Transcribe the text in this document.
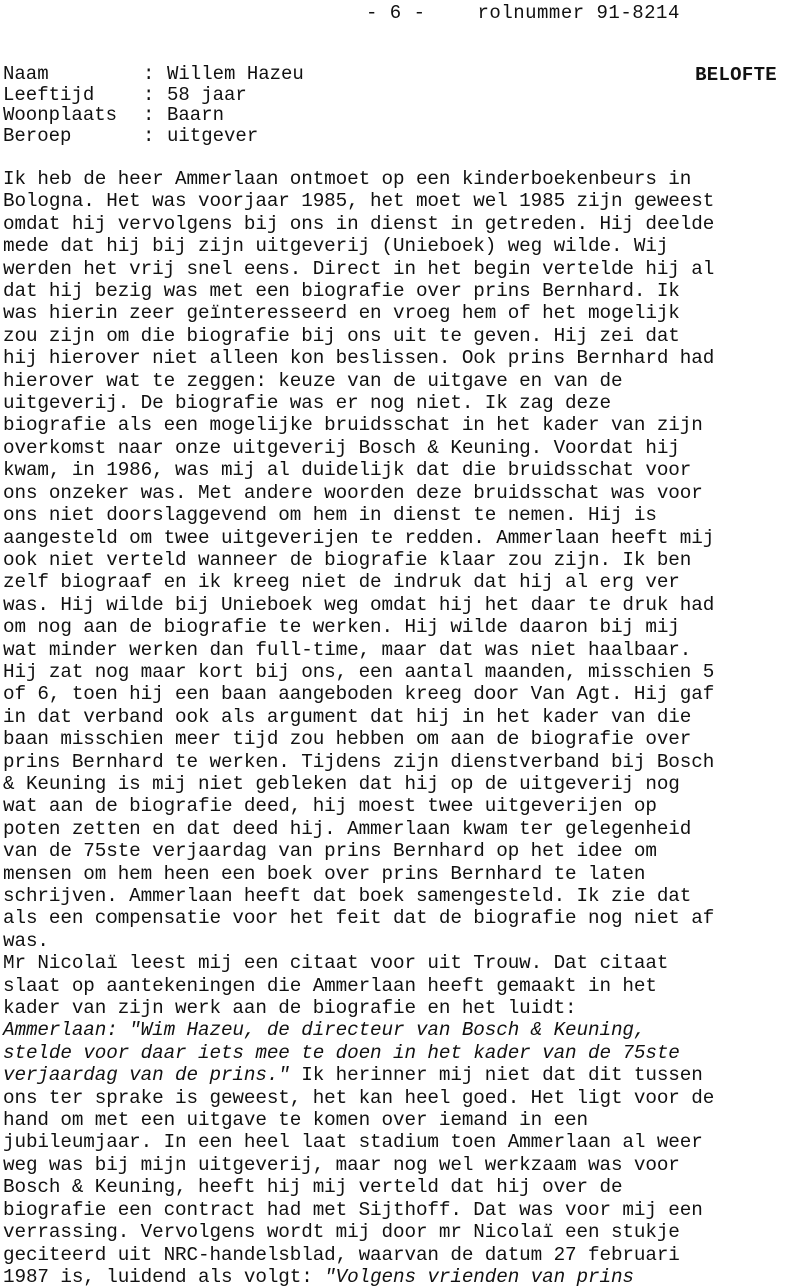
- 6 -	rolnummer 91-8214
Naam	: Willem Hazeu
Leeftijd	: 58 jaar
Woonplaats	: Baarn
Beroep	: uitgever
BELOFTE
Ik heb de heer Ammerlaan ontmoet op een kinderboekenbeurs in
Bologna. Het was voorjaar 1985, het moet wel 1985 zijn geweest
omdat hij vervolgens bij ons in dienst in getreden. Hij deelde
mede dat hij bij zijn uitgeverij (Unieboek) weg wilde. Wij
werden het vrij snel eens. Direct in het begin vertelde hij al
dat hij bezig was met een biografie over prins Bernhard. Ik
was hierin zeer geïnteresseerd en vroeg hem of het mogelijk
zou zijn om die biografie bij ons uit te geven. Hij zei dat
hij hierover niet alleen kon beslissen. Ook prins Bernhard had
hierover wat te zeggen: keuze van de uitgave en van de
uitgeverij. De biografie was er nog niet. Ik zag deze
biografie als een mogelijke bruidsschat in het kader van zijn
overkomst naar onze uitgeverij Bosch & Keuning. Voordat hij
kwam, in 1986, was mij al duidelijk dat die bruidsschat voor
ons onzeker was. Met andere woorden deze bruidsschat was voor
ons niet doorslaggevend om hem in dienst te nemen. Hij is
aangesteld om twee uitgeverijen te redden. Ammerlaan heeft mij
ook niet verteld wanneer de biografie klaar zou zijn. Ik ben
zelf biograaf en ik kreeg niet de indruk dat hij al erg ver
was. Hij wilde bij Unieboek weg omdat hij het daar te druk had
om nog aan de biografie te werken. Hij wilde daaron bij mij
wat minder werken dan full-time, maar dat was niet haalbaar.
Hij zat nog maar kort bij ons, een aantal maanden, misschien 5
of 6, toen hij een baan aangeboden kreeg door Van Agt. Hij gaf
in dat verband ook als argument dat hij in het kader van die
baan misschien meer tijd zou hebben om aan de biografie over
prins Bernhard te werken. Tijdens zijn dienstverband bij Bosch
& Keuning is mij niet gebleken dat hij op de uitgeverij nog
wat aan de biografie deed, hij moest twee uitgeverijen op
poten zetten en dat deed hij. Ammerlaan kwam ter gelegenheid
van de 75ste verjaardag van prins Bernhard op het idee om
mensen om hem heen een boek over prins Bernhard te laten
schrijven. Ammerlaan heeft dat boek samengesteld. Ik zie dat
als een compensatie voor het feit dat de biografie nog niet af
was.
Mr Nicolaï leest mij een citaat voor uit Trouw. Dat citaat
slaat op aantekeningen die Ammerlaan heeft gemaakt in het
kader van zijn werk aan de biografie en het luidt:
Ammerlaan: "Wim Hazeu, de directeur van Bosch & Keuning,
stelde voor daar iets mee te doen in het kader van de 75ste
verjaardag van de prins." Ik herinner mij niet dat dit tussen
ons ter sprake is geweest, het kan heel goed. Het ligt voor de
hand om met een uitgave te komen over iemand in een
jubileumjaar. In een heel laat stadium toen Ammerlaan al weer
weg was bij mijn uitgeverij, maar nog wel werkzaam was voor
Bosch & Keuning, heeft hij mij verteld dat hij over de
biografie een contract had met Sijthoff. Dat was voor mij een
verrassing. Vervolgens wordt mij door mr Nicolaï een stukje
geciteerd uit NRC-handelsblad, waarvan de datum 27 februari
1987 is, luidend als volgt: "Volgens vrienden van prins
